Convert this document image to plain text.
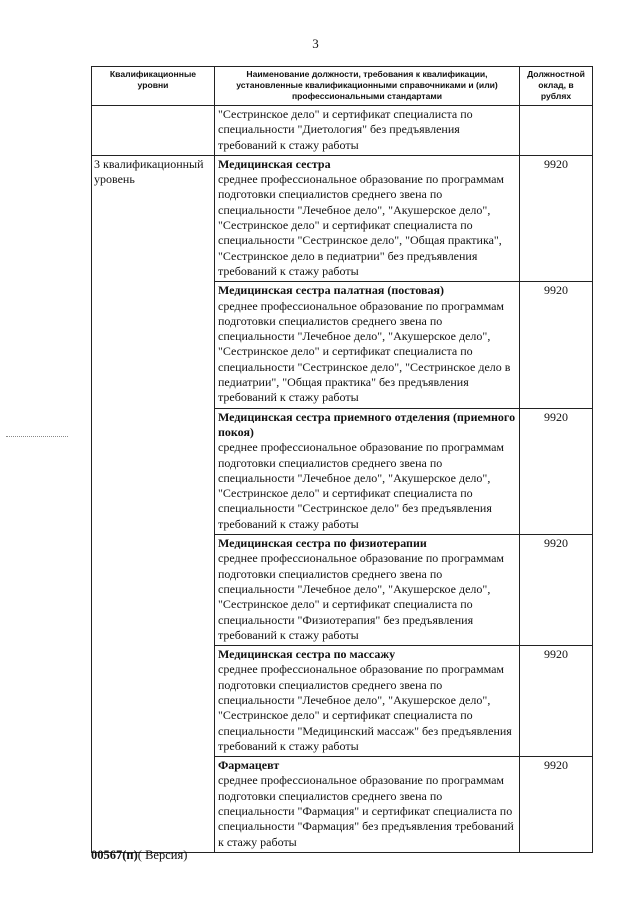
3
Квалификационные уровни	Наименование должности, требования к квалификации, установленные квалификационными справочниками и (или) профессиональными стандартами	Должностной оклад, в рублях
	"Сестринское дело" и сертификат специалиста по специальности "Диетология" без предъявления требований к стажу работы	
3 квалификационный уровень	Медицинская сестра
среднее профессиональное образование по программам подготовки специалистов среднего звена по специальности "Лечебное дело", "Акушерское дело", "Сестринское дело" и сертификат специалиста по специальности "Сестринское дело", "Общая практика", "Сестринское дело в педиатрии" без предъявления требований к стажу работы	9920

	Медицинская сестра палатная (постовая)
среднее профессиональное образование по программам подготовки специалистов среднего звена по специальности "Лечебное дело", "Акушерское дело", "Сестринское дело" и сертификат специалиста по специальности "Сестринское дело", "Сестринское дело в педиатрии", "Общая практика" без предъявления требований к стажу работы	9920

	Медицинская сестра приемного отделения (приемного покоя)
среднее профессиональное образование по программам подготовки специалистов среднего звена по специальности "Лечебное дело", "Акушерское дело", "Сестринское дело" и сертификат специалиста по специальности "Сестринское дело" без предъявления требований к стажу работы	9920

	Медицинская сестра по физиотерапии
среднее профессиональное образование по программам подготовки специалистов среднего звена по специальности "Лечебное дело", "Акушерское дело", "Сестринское дело" и сертификат специалиста по специальности "Физиотерапия" без предъявления требований к стажу работы	9920

	Медицинская сестра по массажу
среднее профессиональное образование по программам подготовки специалистов среднего звена по специальности "Лечебное дело", "Акушерское дело", "Сестринское дело" и сертификат специалиста по специальности "Медицинский массаж" без предъявления требований к стажу работы	9920

	Фармацевт
среднее профессиональное образование по программам подготовки специалистов среднего звена по специальности "Фармация" и сертификат специалиста по специальности "Фармация" без предъявления требований к стажу работы	9920
00567(п)( Версия)
